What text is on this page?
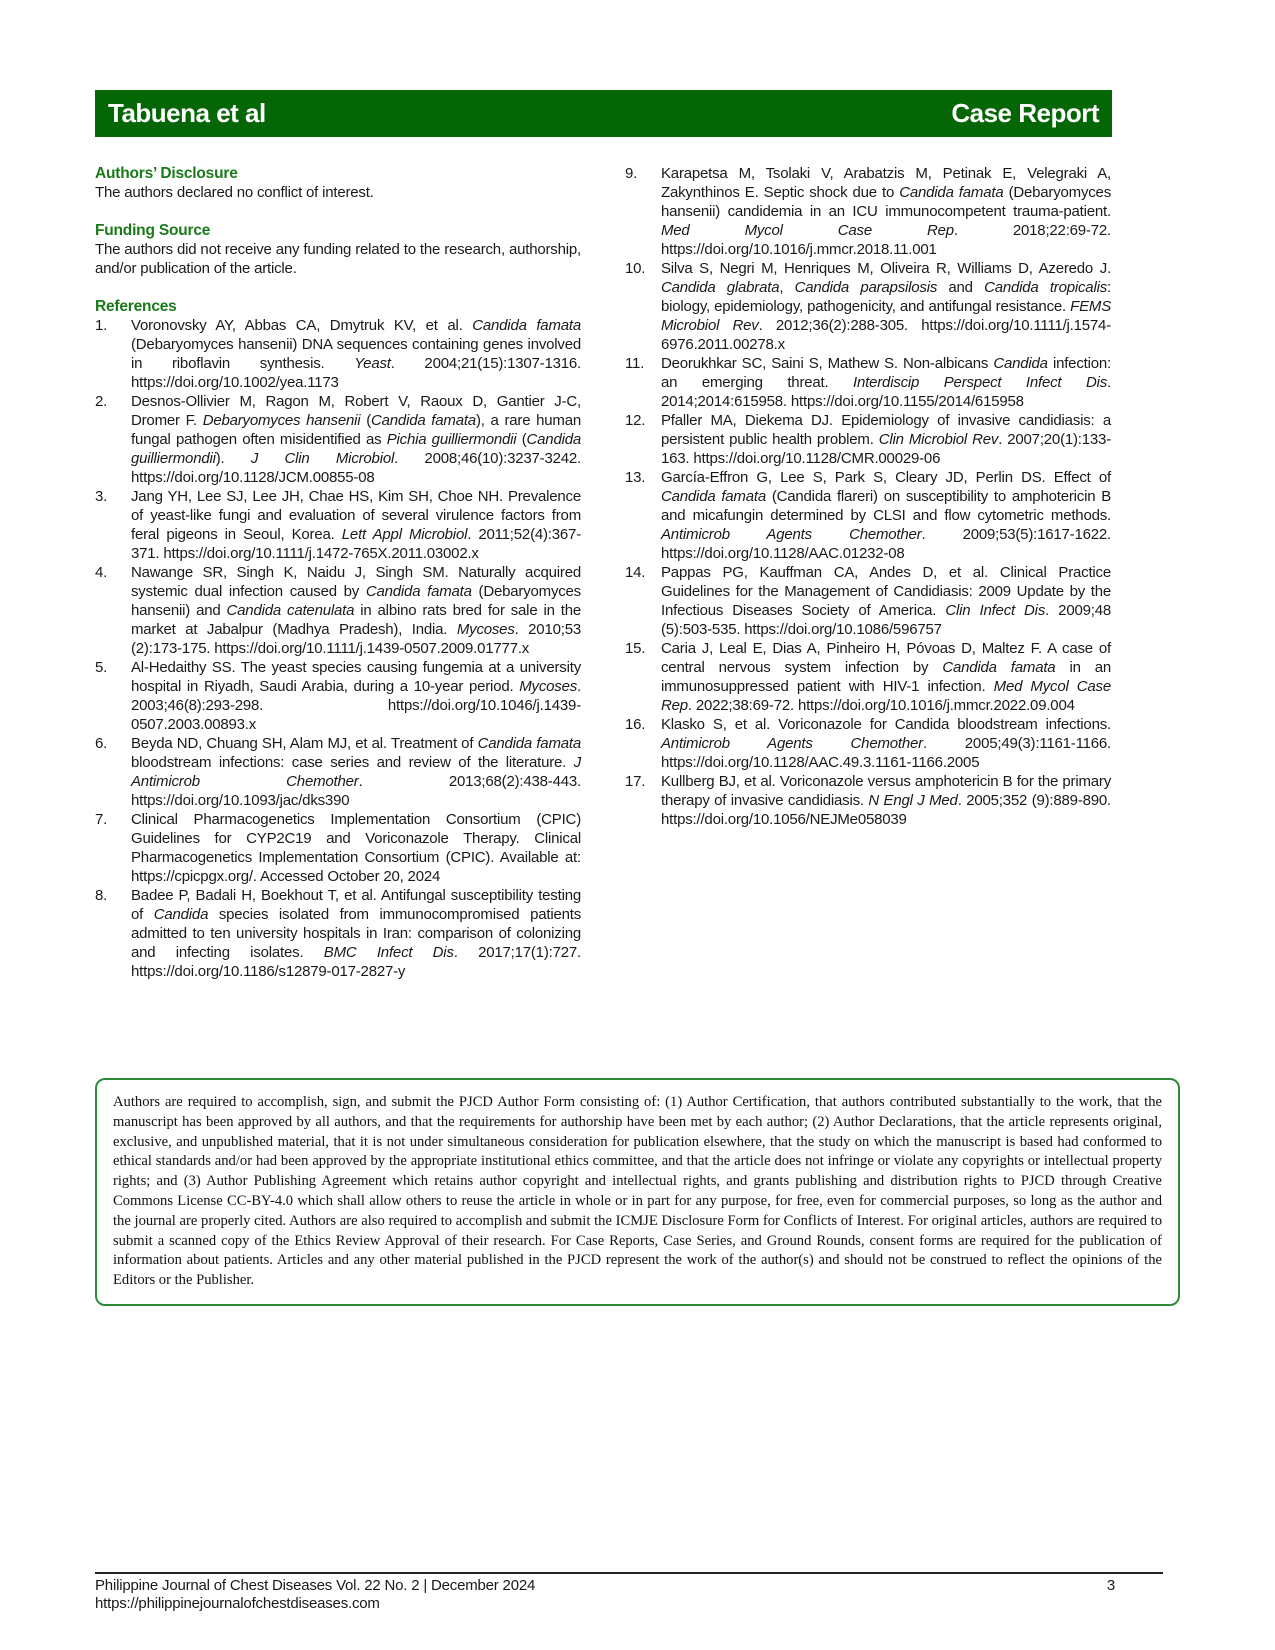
Tabuena et al	Case Report
Authors’ Disclosure
The authors declared no conflict of interest.
Funding Source
The authors did not receive any funding related to the research, authorship, and/or publication of the article.
References
1.	Voronovsky AY, Abbas CA, Dmytruk KV, et al. Candida famata (Debaryomyces hansenii) DNA sequences containing genes involved in riboflavin synthesis. Yeast. 2004;21(15):1307-1316. https://doi.org/10.1002/yea.1173
2.	Desnos-Ollivier M, Ragon M, Robert V, Raoux D, Gantier J-C, Dromer F. Debaryomyces hansenii (Candida famata), a rare human fungal pathogen often misidentified as Pichia guilliermondii (Candida guilliermondii). J Clin Microbiol. 2008;46(10):3237-3242. https://doi.org/10.1128/JCM.00855-08
3.	Jang YH, Lee SJ, Lee JH, Chae HS, Kim SH, Choe NH. Prevalence of yeast-like fungi and evaluation of several virulence factors from feral pigeons in Seoul, Korea. Lett Appl Microbiol. 2011;52(4):367-371. https://doi.org/10.1111/j.1472-765X.2011.03002.x
4.	Nawange SR, Singh K, Naidu J, Singh SM. Naturally acquired systemic dual infection caused by Candida famata (Debaryomyces hansenii) and Candida catenulata in albino rats bred for sale in the market at Jabalpur (Madhya Pradesh), India. Mycoses. 2010;53 (2):173-175. https://doi.org/10.1111/j.1439-0507.2009.01777.x
5.	Al-Hedaithy SS. The yeast species causing fungemia at a university hospital in Riyadh, Saudi Arabia, during a 10-year period. Mycoses. 2003;46(8):293-298. https://doi.org/10.1046/j.1439-0507.2003.00893.x
6.	Beyda ND, Chuang SH, Alam MJ, et al. Treatment of Candida famata bloodstream infections: case series and review of the literature. J Antimicrob Chemother. 2013;68(2):438-443. https://doi.org/10.1093/jac/dks390
7.	Clinical Pharmacogenetics Implementation Consortium (CPIC) Guidelines for CYP2C19 and Voriconazole Therapy. Clinical Pharmacogenetics Implementation Consortium (CPIC). Available at: https://cpicpgx.org/. Accessed October 20, 2024
8.	Badee P, Badali H, Boekhout T, et al. Antifungal susceptibility testing of Candida species isolated from immunocompromised patients admitted to ten university hospitals in Iran: comparison of colonizing and infecting isolates. BMC Infect Dis. 2017;17(1):727. https://doi.org/10.1186/s12879-017-2827-y
9.	Karapetsa M, Tsolaki V, Arabatzis M, Petinak E, Velegraki A, Zakynthinos E. Septic shock due to Candida famata (Debaryomyces hansenii) candidemia in an ICU immunocompetent trauma-patient. Med Mycol Case Rep. 2018;22:69-72. https://doi.org/10.1016/j.mmcr.2018.11.001
10.	Silva S, Negri M, Henriques M, Oliveira R, Williams D, Azeredo J. Candida glabrata, Candida parapsilosis and Candida tropicalis: biology, epidemiology, pathogenicity, and antifungal resistance. FEMS Microbiol Rev. 2012;36(2):288-305. https://doi.org/10.1111/j.1574-6976.2011.00278.x
11.	Deorukhkar SC, Saini S, Mathew S. Non-albicans Candida infection: an emerging threat. Interdiscip Perspect Infect Dis. 2014;2014:615958. https://doi.org/10.1155/2014/615958
12.	Pfaller MA, Diekema DJ. Epidemiology of invasive candidiasis: a persistent public health problem. Clin Microbiol Rev. 2007;20(1):133-163. https://doi.org/10.1128/CMR.00029-06
13.	García-Effron G, Lee S, Park S, Cleary JD, Perlin DS. Effect of Candida famata (Candida flareri) on susceptibility to amphotericin B and micafungin determined by CLSI and flow cytometric methods. Antimicrob Agents Chemother. 2009;53(5):1617-1622. https://doi.org/10.1128/AAC.01232-08
14.	Pappas PG, Kauffman CA, Andes D, et al. Clinical Practice Guidelines for the Management of Candidiasis: 2009 Update by the Infectious Diseases Society of America. Clin Infect Dis. 2009;48 (5):503-535. https://doi.org/10.1086/596757
15.	Caria J, Leal E, Dias A, Pinheiro H, Póvoas D, Maltez F. A case of central nervous system infection by Candida famata in an immunosuppressed patient with HIV-1 infection. Med Mycol Case Rep. 2022;38:69-72. https://doi.org/10.1016/j.mmcr.2022.09.004
16.	Klasko S, et al. Voriconazole for Candida bloodstream infections. Antimicrob Agents Chemother. 2005;49(3):1161-1166. https://doi.org/10.1128/AAC.49.3.1161-1166.2005
17.	Kullberg BJ, et al. Voriconazole versus amphotericin B for the primary therapy of invasive candidiasis. N Engl J Med. 2005;352 (9):889-890. https://doi.org/10.1056/NEJMe058039
Authors are required to accomplish, sign, and submit the PJCD Author Form consisting of: (1) Author Certification, that authors contributed substantially to the work, that the manuscript has been approved by all authors, and that the requirements for authorship have been met by each author; (2) Author Declarations, that the article represents original, exclusive, and unpublished material, that it is not under simultaneous consideration for publication elsewhere, that the study on which the manuscript is based had conformed to ethical standards and/or had been approved by the appropriate institutional ethics committee, and that the article does not infringe or violate any copyrights or intellectual property rights; and (3) Author Publishing Agreement which retains author copyright and intellectual rights, and grants publishing and distribution rights to PJCD through Creative Commons License CC-BY-4.0 which shall allow others to reuse the article in whole or in part for any purpose, for free, even for commercial purposes, so long as the author and the journal are properly cited. Authors are also required to accomplish and submit the ICMJE Disclosure Form for Conflicts of Interest. For original articles, authors are required to submit a scanned copy of the Ethics Review Approval of their research. For Case Reports, Case Series, and Ground Rounds, consent forms are required for the publication of information about patients. Articles and any other material published in the PJCD represent the work of the author(s) and should not be construed to reflect the opinions of the Editors or the Publisher.
Philippine Journal of Chest Diseases Vol. 22 No. 2 | December 2024
https://philippinejournalofchestdiseases.com
3
